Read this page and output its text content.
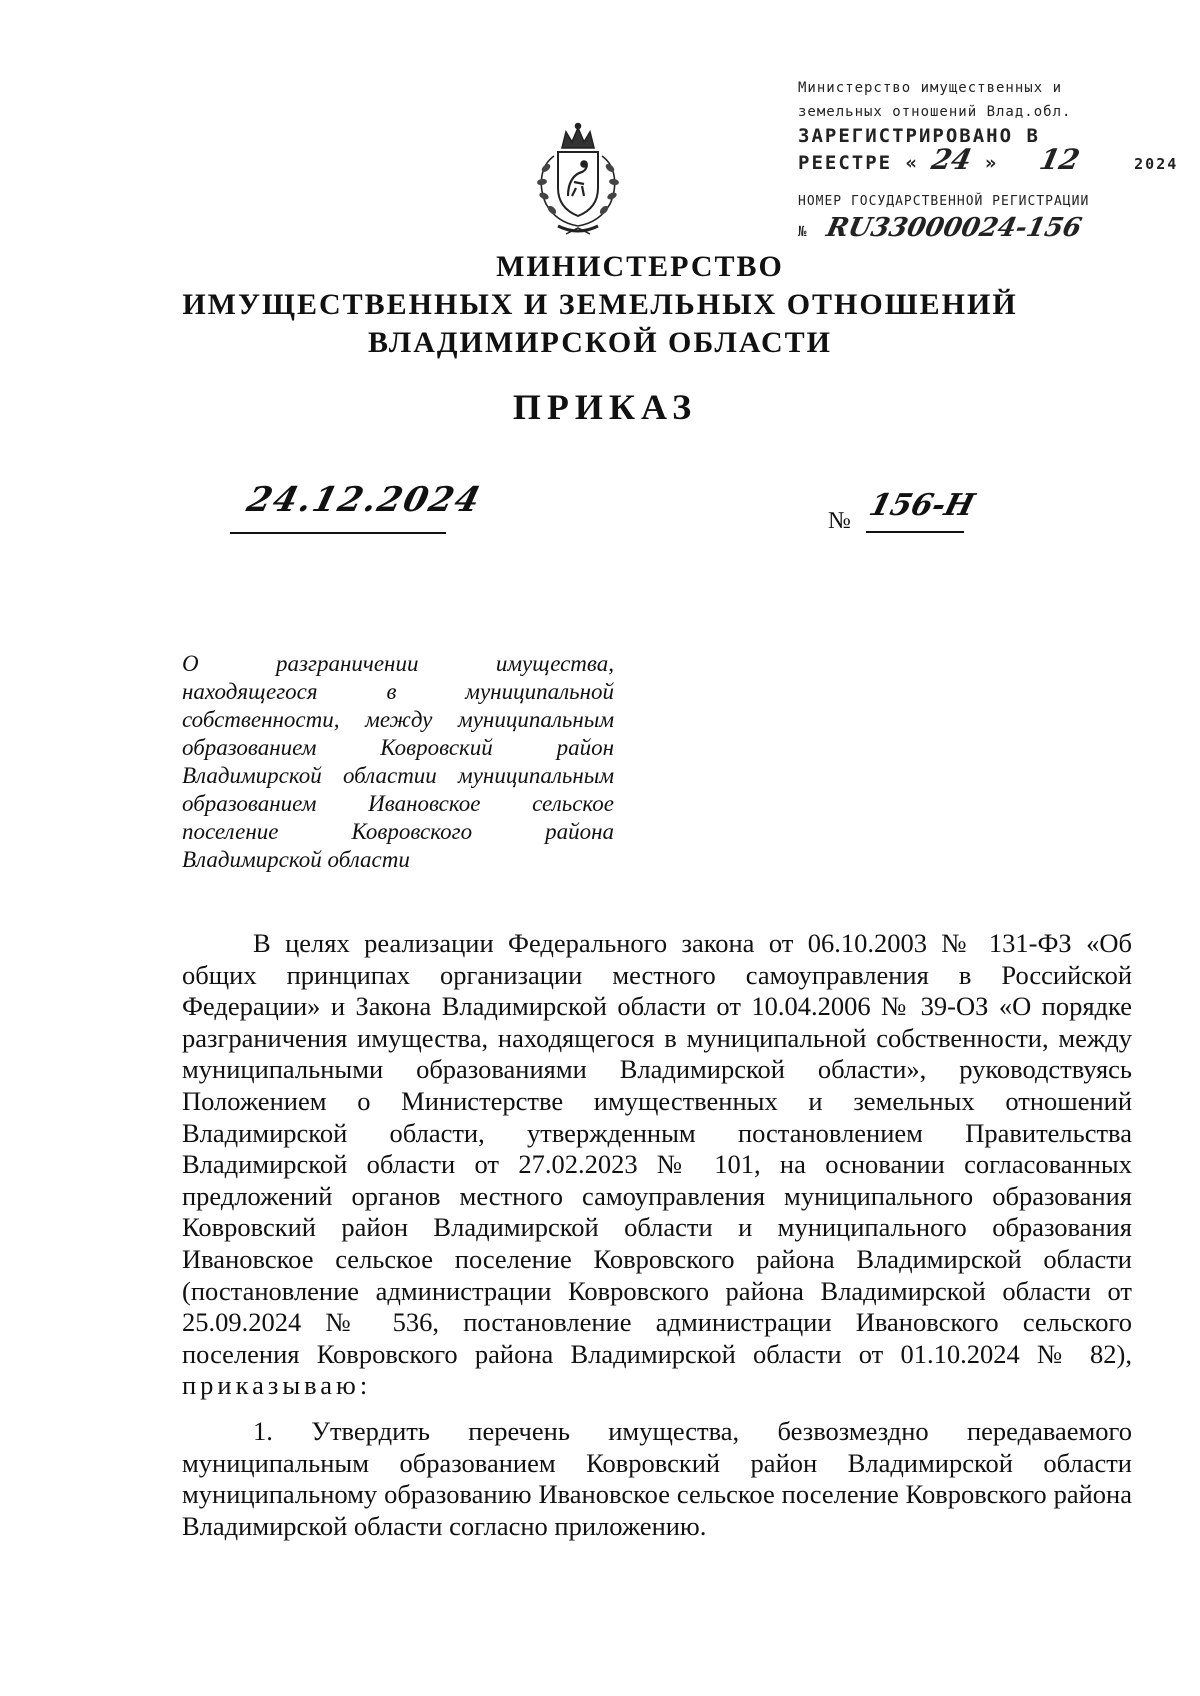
Министерство имущественных и
земельных отношений Влад.обл.
ЗАРЕГИСТРИРОВАНО В
РЕЕСТРЕ « 24 » 12	2024
НОМЕР ГОСУДАРСТВЕННОЙ РЕГИСТРАЦИИ
№ RU33000024-156
МИНИСТЕРСТВО
ИМУЩЕСТВЕННЫХ И ЗЕМЕЛЬНЫХ ОТНОШЕНИЙ
ВЛАДИМИРСКОЙ ОБЛАСТИ
ПРИКАЗ
24.12.2024
№ 156-Н
О разграничении имущества,
находящегося в муниципальной
собственности, между муниципальным
образованием Ковровский район
Владимирской областии муниципальным
образованием Ивановское сельское
поселение Ковровского района
Владимирской области

В целях реализации Федерального закона от 06.10.2003 № 131-ФЗ «Об общих принципах организации местного самоуправления в Российской Федерации» и Закона Владимирской области от 10.04.2006 № 39-ОЗ «О порядке разграничения имущества, находящегося в муниципальной собственности, между муниципальными образованиями Владимирской области», руководствуясь Положением о Министерстве имущественных и земельных отношений Владимирской области, утвержденным постановлением Правительства Владимирской области от 27.02.2023 № 101, на основании согласованных предложений органов местного самоуправления муниципального образования Ковровский район Владимирской области и муниципального образования Ивановское сельское поселение Ковровского района Владимирской области (постановление администрации Ковровского района Владимирской области от 25.09.2024 № 536, постановление администрации Ивановского сельского поселения Ковровского района Владимирской области от 01.10.2024 № 82), приказываю:

1. Утвердить перечень имущества, безвозмездно передаваемого муниципальным образованием Ковровский район Владимирской области муниципальному образованию Ивановское сельское поселение Ковровского района Владимирской области согласно приложению.
